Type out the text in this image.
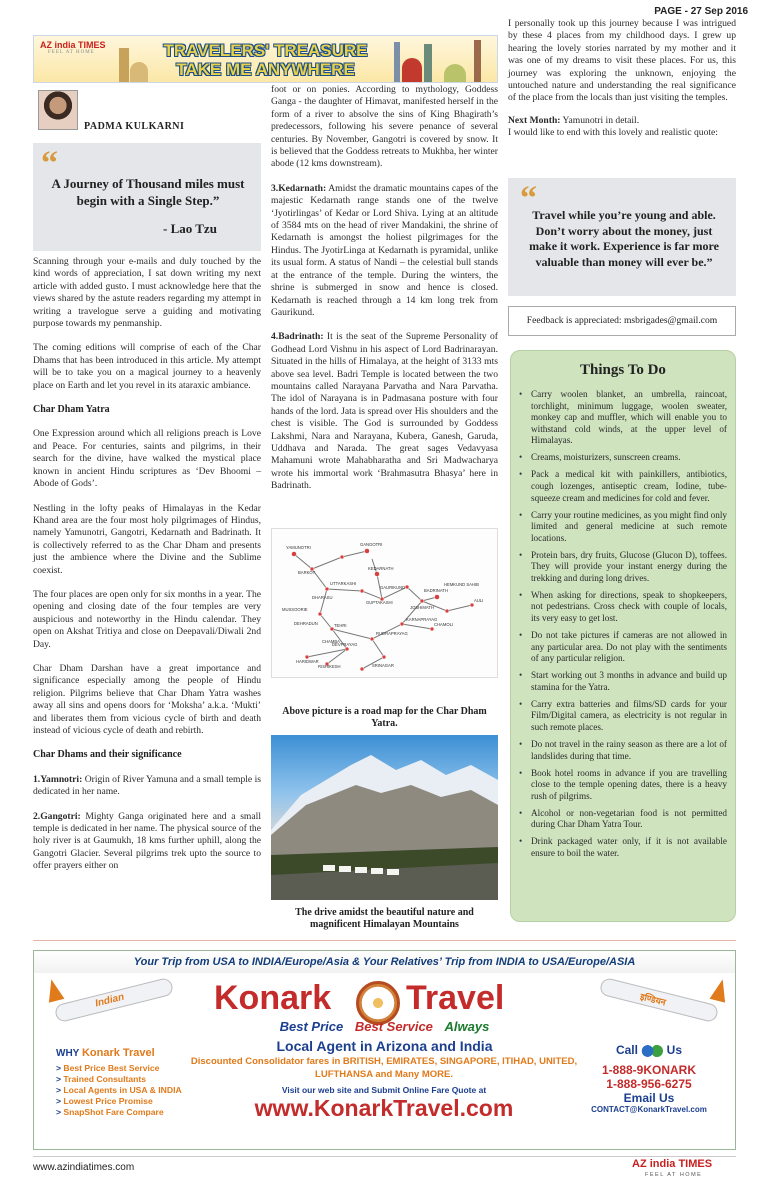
PAGE - 27 Sep 2016
AZ india TIMES
FEEL AT HOME	TRAVELERS' TREASURE
TAKE ME ANYWHERE
PADMA KULKARNI
“
A Journey of Thousand miles must begin with a Single Step.”
- Lao Tzu

Scanning through your e-mails and duly touched by the kind words of appreciation, I sat down writing my next article with added gusto. I must acknowledge here that the views shared by the astute readers regarding my attempt in writing a travelogue serve a guiding and motivating purpose towards my penmanship.

The coming editions will comprise of each of the Char Dhams that has been introduced in this article. My attempt will be to take you on a magical journey to a heavenly place on Earth and let you revel in its ataraxic ambiance.

Char Dham Yatra

One Expression around which all religions preach is Love and Peace. For centuries, saints and pilgrims, in their search for the divine, have walked the mystical place known in ancient Hindu scriptures as ‘Dev Bhoomi – Abode of Gods’.

Nestling in the lofty peaks of Himalayas in the Kedar Khand area are the four most holy pilgrimages of Hindus, namely Yamunotri, Gangotri, Kedarnath and Badrinath. It is collectively referred to as the Char Dham and presents just the ambience where the Divine and the Sublime coexist.

The four places are open only for six months in a year. The opening and closing date of the four temples are very auspicious and noteworthy in the Hindu calendar. They open on Akshat Tritiya and close on Deepavali/Diwali 2nd Day.

Char Dham Darshan have a great importance and significance especially among the people of Hindu religion. Pilgrims believe that Char Dham Yatra washes away all sins and opens doors for ‘Moksha’ a.k.a. ‘Mukti’ and liberates them from vicious cycle of birth and death instead of vicious cycle of death and rebirth.

Char Dhams and their significance

1.Yamnotri: Origin of River Yamuna and a small temple is dedicated in her name.

2.Gangotri: Mighty Ganga originated here and a small temple is dedicated in her name. The physical source of the holy river is at Gaumukh, 18 kms further uphill, along the Gangotri Glacier. Several pilgrims trek upto the source to offer prayers either on

foot or on ponies. According to mythology, Goddess Ganga - the daughter of Himavat, manifested herself in the form of a river to absolve the sins of King Bhagirath’s predecessors, following his severe penance of several centuries. By November, Gangotri is covered by snow. It is believed that the Goddess retreats to Mukhba, her winter abode (12 kms downstream).

3.Kedarnath: Amidst the dramatic mountains capes of the majestic Kedarnath range stands one of the twelve ‘Jyotirlingas’ of Kedar or Lord Shiva. Lying at an altitude of 3584 mts on the head of river Mandakini, the shrine of Kedarnath is amongst the holiest pilgrimages for the Hindus. The JyotirLinga at Kedarnath is pyramidal, unlike its usual form. A status of Nandi – the celestial bull stands at the entrance of the temple. During the winters, the shrine is submerged in snow and hence is closed. Kedarnath is reached through a 14 km long trek from Gaurikund.

4.Badrinath: It is the seat of the Supreme Personality of Godhead Lord Vishnu in his aspect of Lord Badrinarayan. Situated in the hills of Himalaya, at the height of 3133 mts above sea level. Badri Temple is located between the two mountains called Narayana Parvatha and Nara Parvatha. The idol of Narayana is in Padmasana posture with four hands of the lord. Jata is spread over His shoulders and the chest is visible. The God is surrounded by Goddess Lakshmi, Nara and Narayana, Kubera, Ganesh, Garuda, Uddhava and Narada. The great sages Vedavyasa Mahamuni wrote Mahabharatha and Sri Madwacharya wrote his immortal work ‘Brahmasutra Bhasya’ here in Badrinath.

YAMUNOTRI
GANGOTRI
UTTARKASHI
KEDARNATH
BADRINATH
JOSHIMATH
RUDRAPRAYAG
DEVPRAYAG
RISHIKESH
HARIDWAR
DEHRADUN
MUSSOORIE
CHAMOLI
AULI
TEHRI
SRINAGAR
GAURIKUND
GUPTAKASHI
KARNAPRAYAG
HEMKUND SAHIB
CHAMBA
BARKOT
DHARASU
Above picture is a road map for the Char Dham Yatra.
The drive amidst the beautiful nature and magnificent Himalayan Mountains

I personally took up this journey because I was intrigued by these 4 places from my childhood days. I grew up hearing the lovely stories narrated by my mother and it was one of my dreams to visit these places. For us, this journey was exploring the unknown, enjoying the untouched nature and understanding the real significance of the place from the locals than just visiting the temples.

Next Month: Yamunotri in detail.
I would like to end with this lovely and realistic quote:
“
Travel while you’re young and able. Don’t worry about the money, just make it work. Experience is far more valuable than money will ever be.”
Feedback is appreciated: msbrigades@gmail.com
Things To Do
• Carry woolen blanket, an umbrella, raincoat, torchlight, minimum luggage, woolen sweater, monkey cap and muffler, which will enable you to withstand cold winds, at the upper level of Himalayas.
• Creams, moisturizers, sunscreen creams.
• Pack a medical kit with painkillers, antibiotics, cough lozenges, antiseptic cream, Iodine, tube-squeeze cream and medicines for cold and fever.
• Carry your routine medicines, as you might find only limited and general medicine at such remote locations.
• Protein bars, dry fruits, Glucose (Glucon D), toffees. They will provide your instant energy during the trekking and during long drives.
• When asking for directions, speak to shopkeepers, not pedestrians. Cross check with couple of locals, its very easy to get lost.
• Do not take pictures if cameras are not allowed in any particular area. Do not play with the sentiments of any particular religion.
• Start working out 3 months in advance and build up stamina for the Yatra.
• Carry extra batteries and films/SD cards for your Film/Digital camera, as electricity is not regular in such remote places.
• Do not travel in the rainy season as there are a lot of landslides during that time.
• Book hotel rooms in advance if you are travelling close to the temple opening dates, there is a heavy rush of pilgrims.
• Alcohol or non-vegetarian food is not permitted during Char Dham Yatra Tour.
• Drink packaged water only, if it is not available ensure to boil the water.
Your Trip from USA to INDIA/Europe/Asia & Your Relatives’ Trip from INDIA to USA/Europe/ASIA
Indian	इण्डियन
Konark Travel
Best Price Best Service Always
Local Agent in Arizona and India
WHY Konark Travel
> Best Price Best Service
> Trained Consultants
> Local Agents in USA & INDIA
> Lowest Price Promise
> SnapShot Fare Compare
Discounted Consolidator fares in BRITISH, EMIRATES, SINGAPORE, ITIHAD, UNITED, LUFTHANSA and Many MORE.
Visit our web site and Submit Online Fare Quote at
www.KonarkTravel.com
Call Us
1-888-9KONARK
1-888-956-6275
Email Us
CONTACT@KonarkTravel.com
www.azindiatimes.com	AZ india TIMES
FEEL AT HOME
